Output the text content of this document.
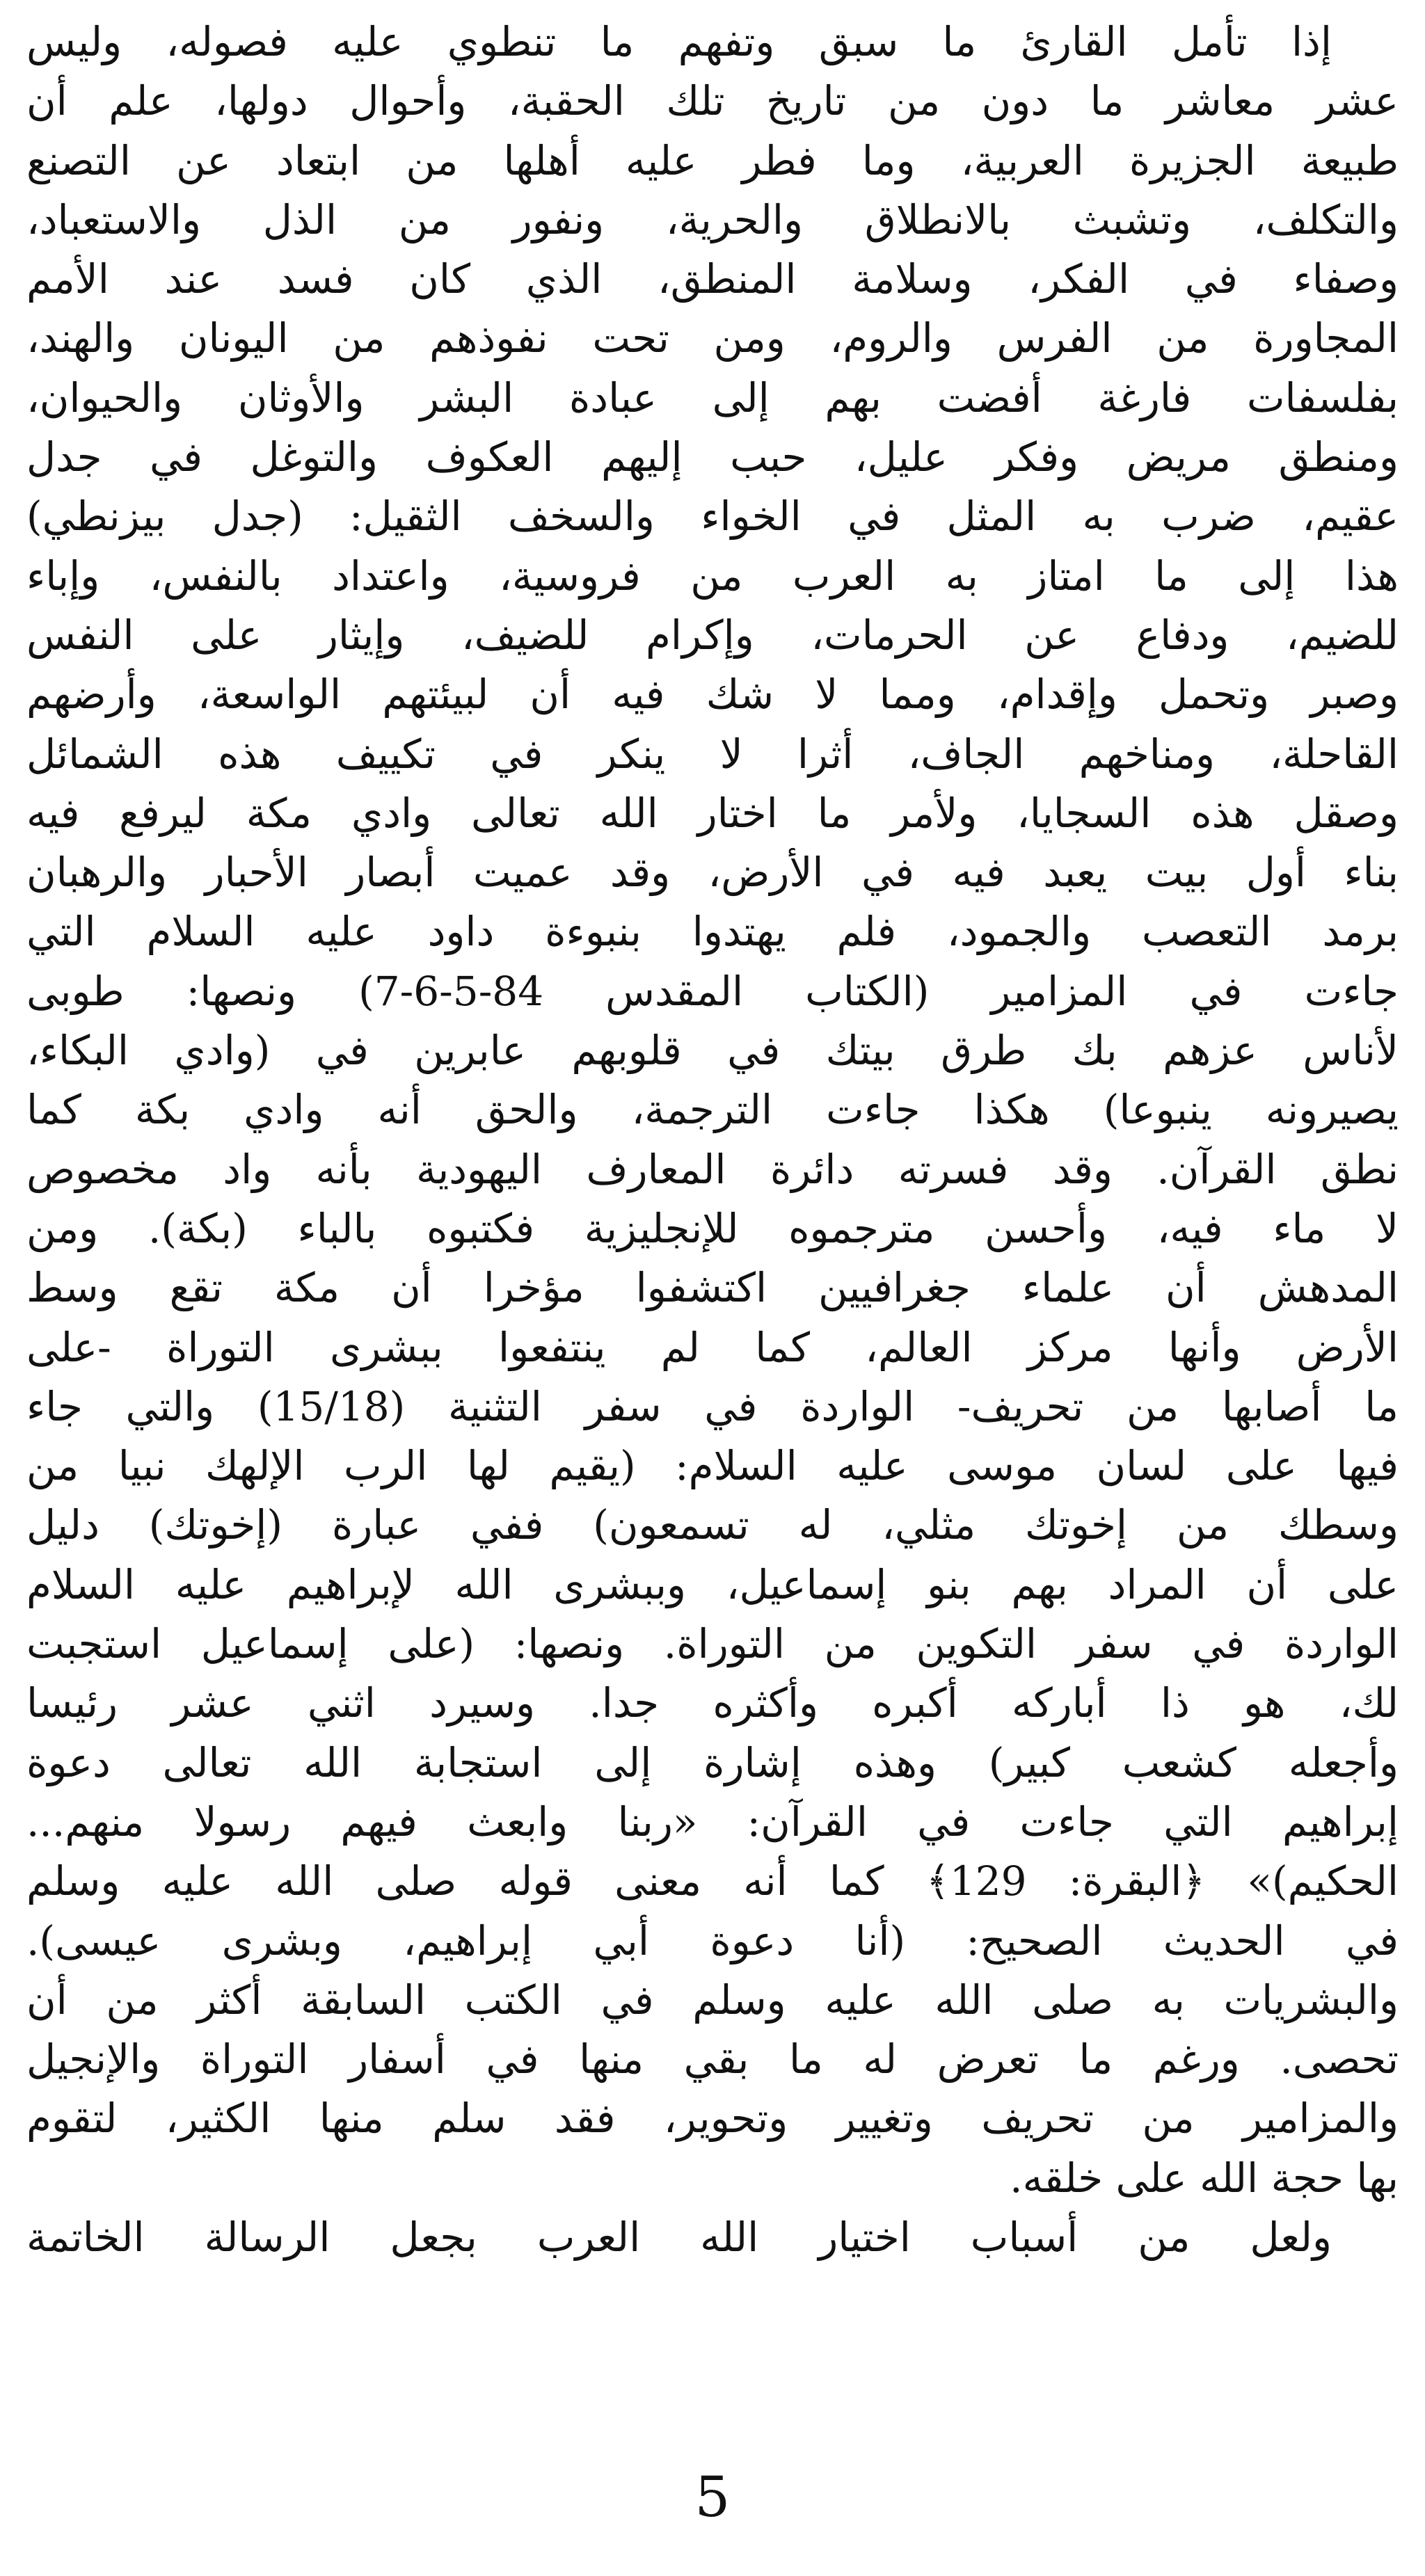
إذا تأمل القارئ ما سبق وتفهم ما تنطوي عليه فصوله، وليس
عشر معاشر ما دون من تاريخ تلك الحقبة، وأحوال دولها، علم أن
طبيعة الجزيرة العربية، وما فطر عليه أهلها من ابتعاد عن التصنع
والتكلف، وتشبث بالانطلاق والحرية، ونفور من الذل والاستعباد،
وصفاء في الفكر، وسلامة المنطق، الذي كان فسد عند الأمم
المجاورة من الفرس والروم، ومن تحت نفوذهم من اليونان والهند،
بفلسفات فارغة أفضت بهم إلى عبادة البشر والأوثان والحيوان،
ومنطق مريض وفكر عليل، حبب إليهم العكوف والتوغل في جدل
عقيم، ضرب به المثل في الخواء والسخف الثقيل: (جدل بيزنطي)
هذا إلى ما امتاز به العرب من فروسية، واعتداد بالنفس، وإباء
للضيم، ودفاع عن الحرمات، وإكرام للضيف، وإيثار على النفس
وصبر وتحمل وإقدام، ومما لا شك فيه أن لبيئتهم الواسعة، وأرضهم
القاحلة، ومناخهم الجاف، أثرا لا ينكر في تكييف هذه الشمائل
وصقل هذه السجايا، ولأمر ما اختار الله تعالى وادي مكة ليرفع فيه
بناء أول بيت يعبد فيه في الأرض، وقد عميت أبصار الأحبار والرهبان
برمد التعصب والجمود، فلم يهتدوا بنبوءة داود عليه السلام التي
جاءت في المزامير (الكتاب المقدس 84-5-6-7) ونصها: طوبى
لأناس عزهم بك طرق بيتك في قلوبهم عابرين في (وادي البكاء،
يصيرونه ينبوعا) هكذا جاءت الترجمة، والحق أنه وادي بكة كما
نطق القرآن. وقد فسرته دائرة المعارف اليهودية بأنه واد مخصوص
لا ماء فيه، وأحسن مترجموه للإنجليزية فكتبوه بالباء (بكة). ومن
المدهش أن علماء جغرافيين اكتشفوا مؤخرا أن مكة تقع وسط
الأرض وأنها مركز العالم، كما لم ينتفعوا ببشرى التوراة -على
ما أصابها من تحريف- الواردة في سفر التثنية (15/18) والتي جاء
فيها على لسان موسى عليه السلام: (يقيم لها الرب الإلهك نبيا من
وسطك من إخوتك مثلي، له تسمعون) ففي عبارة (إخوتك) دليل
على أن المراد بهم بنو إسماعيل، وببشرى الله لإبراهيم عليه السلام
الواردة في سفر التكوين من التوراة. ونصها: (على إسماعيل استجبت
لك، هو ذا أباركه أكبره وأكثره جدا. وسيرد اثني عشر رئيسا
وأجعله كشعب كبير) وهذه إشارة إلى استجابة الله تعالى دعوة
إبراهيم التي جاءت في القرآن: «ربنا وابعث فيهم رسولا منهم...
الحكيم)» ﴿البقرة: 129﴾ كما أنه معنى قوله صلى الله عليه وسلم
في الحديث الصحيح: (أنا دعوة أبي إبراهيم، وبشرى عيسى).
والبشريات به صلى الله عليه وسلم في الكتب السابقة أكثر من أن
تحصى. ورغم ما تعرض له ما بقي منها في أسفار التوراة والإنجيل
والمزامير من تحريف وتغيير وتحوير، فقد سلم منها الكثير، لتقوم
بها حجة الله على خلقه.
ولعل من أسباب اختيار الله العرب بجعل الرسالة الخاتمة
5
